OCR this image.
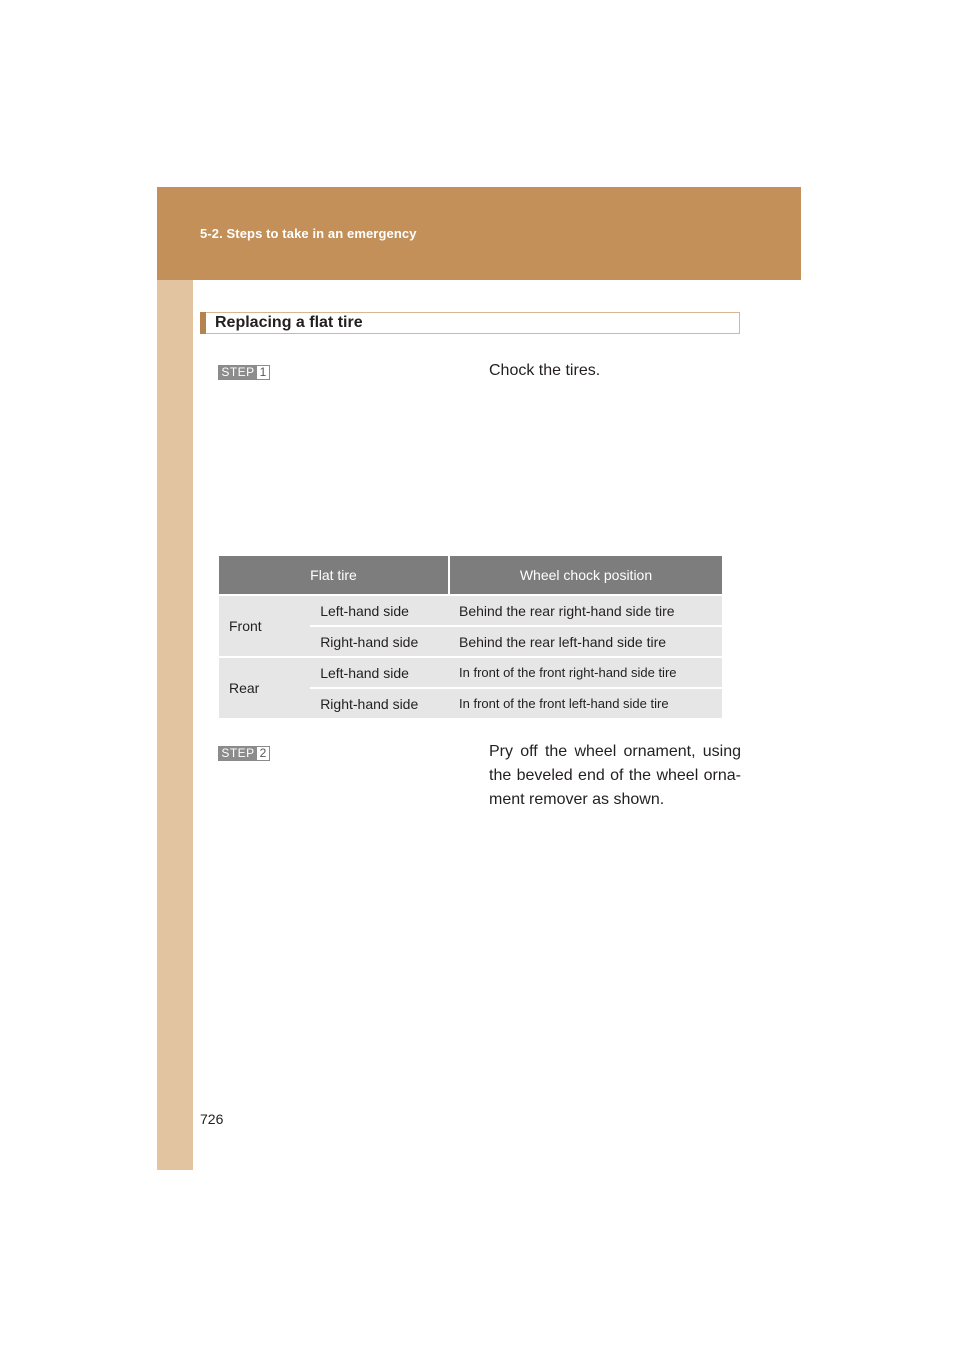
5-2. Steps to take in an emergency
Replacing a flat tire
STEP 1	Chock the tires.
Flat tire		Wheel chock position
Front	Left-hand side	Behind the rear right-hand side tire
	Right-hand side	Behind the rear left-hand side tire
Rear	Left-hand side	In front of the front right-hand side tire
	Right-hand side	In front of the front left-hand side tire
STEP 2	Pry off the wheel ornament, using the beveled end of the wheel orna-ment remover as shown.
726
